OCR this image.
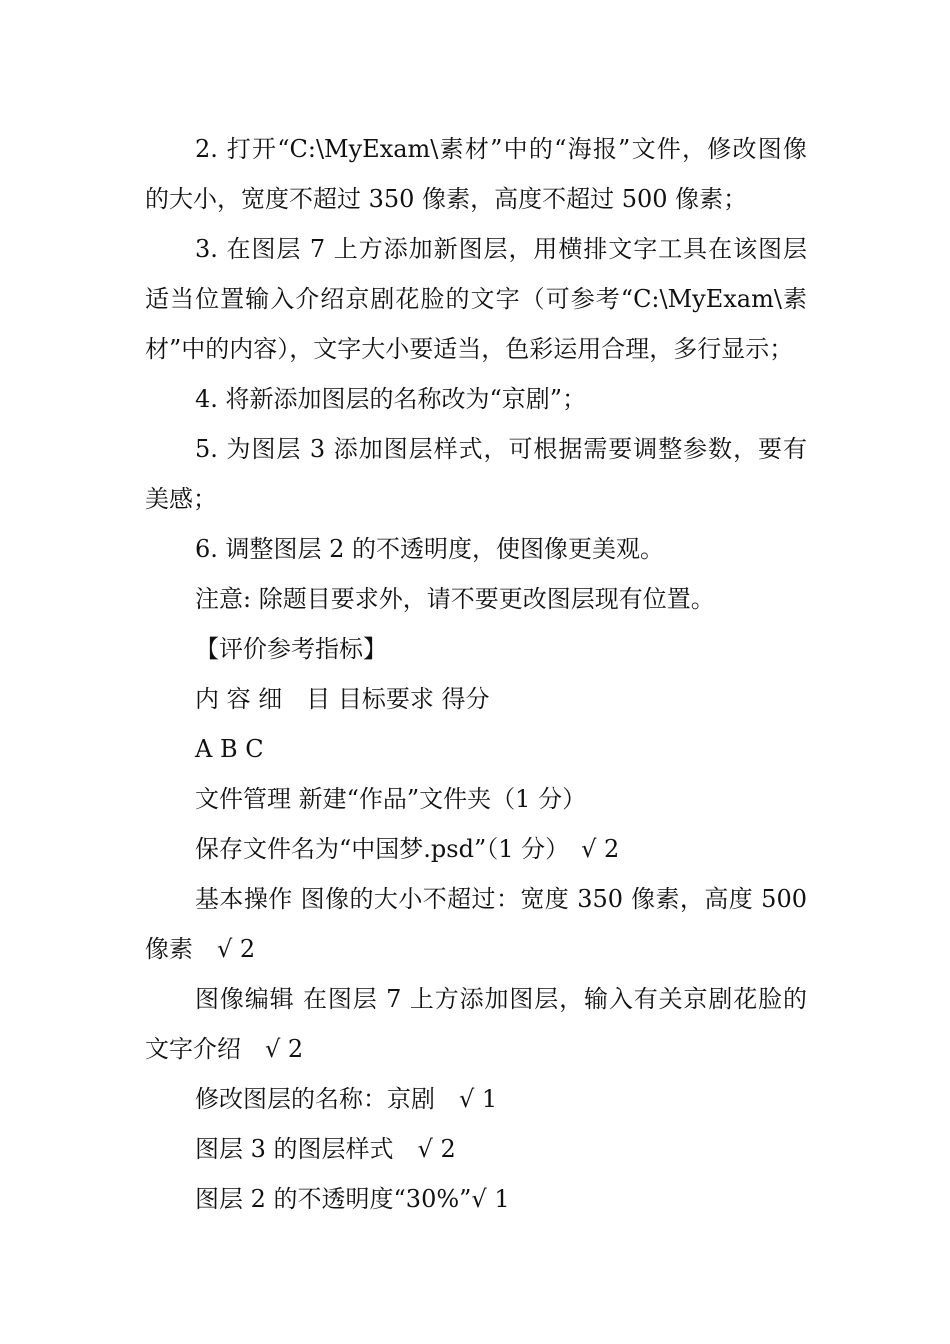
2. 打开“C:\MyExam\素材”中的“海报”文件，修改图像的大小，宽度不超过 350 像素，高度不超过 500 像素；

3. 在图层 7 上方添加新图层，用横排文字工具在该图层适当位置输入介绍京剧花脸的文字（可参考“C:\MyExam\素材”中的内容），文字大小要适当，色彩运用合理，多行显示；

4. 将新添加图层的名称改为“京剧”；

5. 为图层 3 添加图层样式，可根据需要调整参数，要有美感；

6. 调整图层 2 的不透明度，使图像更美观。

注意: 除题目要求外，请不要更改图层现有位置。

【评价参考指标】

内 容 细　目 目标要求 得分

A B C

文件管理 新建“作品”文件夹（1 分）

保存文件名为“中国梦.psd”（1 分）　√ 2

基本操作 图像的大小不超过：宽度 350 像素，高度 500 像素　√ 2

图像编辑 在图层 7 上方添加图层，输入有关京剧花脸的文字介绍　√ 2

修改图层的名称：京剧　√ 1

图层 3 的图层样式　√ 2

图层 2 的不透明度“30%”√ 1
